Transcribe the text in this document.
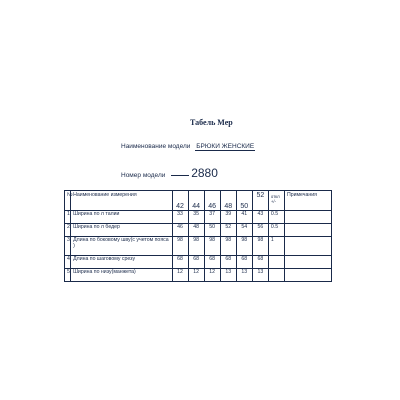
Табель Мер
Наименование модели БРЮКИ ЖЕНСКИЕ
Номер модели 2880
№	Наименование измерения	42	44	46	48	50	52	откл +/-	Примечания
1	Ширина по л талии	33	35	37	39	41	43	0.5	
2	Ширина по л бедер	46	48	50	52	54	56	0.5	
3	Длина по боковому шву(с учетом пояса )	98	98	98	98	98	98	1	
4	Длина по шаговому срезу	68	68	68	68	68	68		
5	Ширина по низу(манжета)	12	12	12	13	13	13		
